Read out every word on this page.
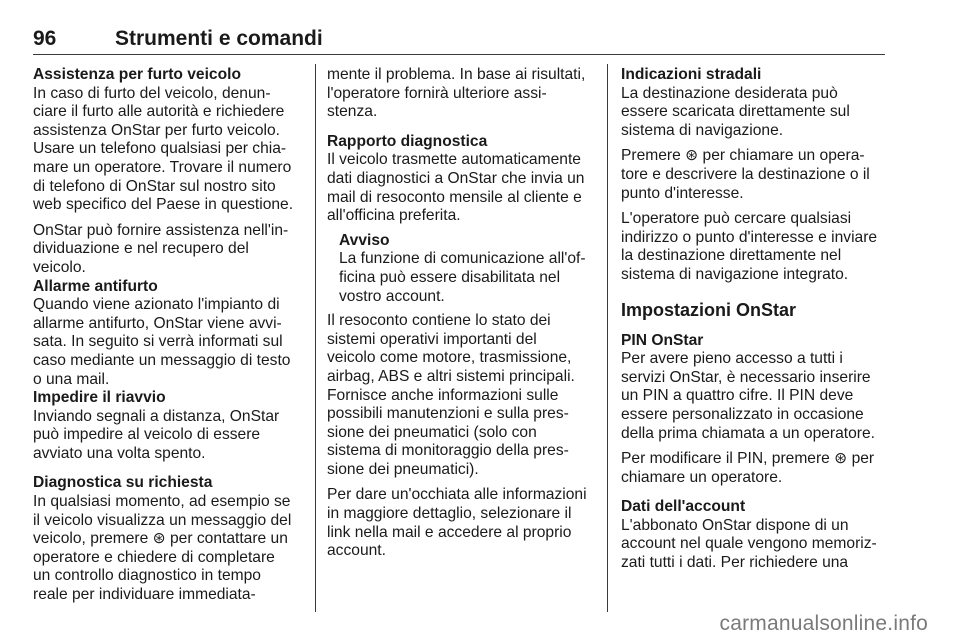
96	Strumenti e comandi
Assistenza per furto veicolo

In caso di furto del veicolo, denun-
ciare il furto alle autorità e richiedere
assistenza OnStar per furto veicolo.
Usare un telefono qualsiasi per chia-
mare un operatore. Trovare il numero
di telefono di OnStar sul nostro sito
web specifico del Paese in questione.

OnStar può fornire assistenza nell'in-
dividuazione e nel recupero del
veicolo.

Allarme antifurto

Quando viene azionato l'impianto di
allarme antifurto, OnStar viene avvi-
sata. In seguito si verrà informati sul
caso mediante un messaggio di testo
o una mail.

Impedire il riavvio

Inviando segnali a distanza, OnStar
può impedire al veicolo di essere
avviato una volta spento.

Diagnostica su richiesta

In qualsiasi momento, ad esempio se
il veicolo visualizza un messaggio del
veicolo, premere ⊛ per contattare un
operatore e chiedere di completare
un controllo diagnostico in tempo
reale per individuare immediata-

mente il problema. In base ai risultati,
l'operatore fornirà ulteriore assi-
stenza.

Rapporto diagnostica

Il veicolo trasmette automaticamente
dati diagnostici a OnStar che invia un
mail di resoconto mensile al cliente e
all'officina preferita.

Avviso

La funzione di comunicazione all'of-
ficina può essere disabilitata nel
vostro account.

Il resoconto contiene lo stato dei
sistemi operativi importanti del
veicolo come motore, trasmissione,
airbag, ABS e altri sistemi principali.
Fornisce anche informazioni sulle
possibili manutenzioni e sulla pres-
sione dei pneumatici (solo con
sistema di monitoraggio della pres-
sione dei pneumatici).

Per dare un'occhiata alle informazioni
in maggiore dettaglio, selezionare il
link nella mail e accedere al proprio
account.

Indicazioni stradali

La destinazione desiderata può
essere scaricata direttamente sul
sistema di navigazione.

Premere ⊛ per chiamare un opera-
tore e descrivere la destinazione o il
punto d'interesse.

L'operatore può cercare qualsiasi
indirizzo o punto d'interesse e inviare
la destinazione direttamente nel
sistema di navigazione integrato.

Impostazioni OnStar
PIN OnStar

Per avere pieno accesso a tutti i
servizi OnStar, è necessario inserire
un PIN a quattro cifre. Il PIN deve
essere personalizzato in occasione
della prima chiamata a un operatore.

Per modificare il PIN, premere ⊛ per
chiamare un operatore.

Dati dell'account

L'abbonato OnStar dispone di un
account nel quale vengono memoriz-
zati tutti i dati. Per richiedere una

carmanualsonline.info
